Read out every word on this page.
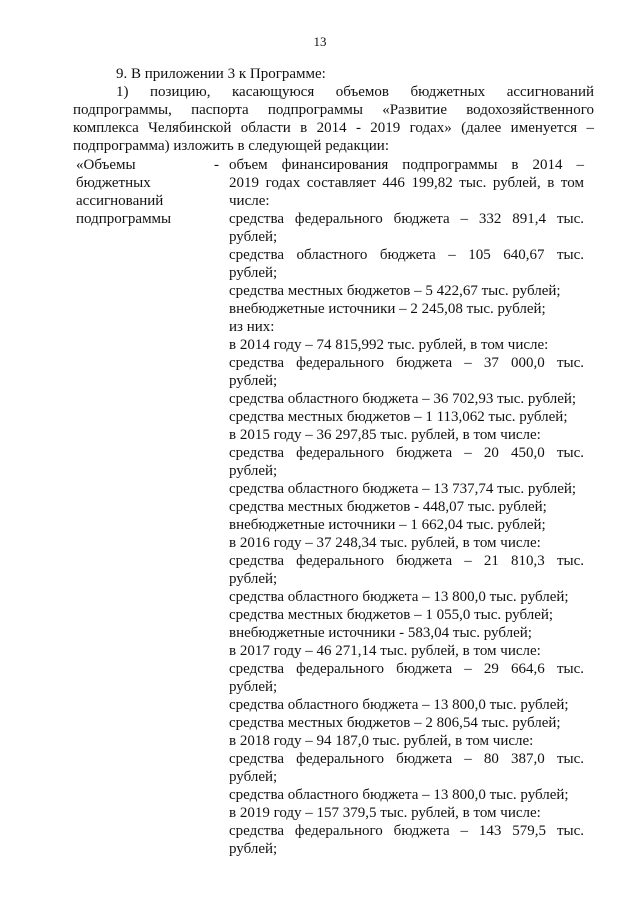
13
9. В приложении 3 к Программе:
1) позицию, касающуюся объемов бюджетных ассигнований
подпрограммы, паспорта подпрограммы «Развитие водохозяйственного
комплекса Челябинской области в 2014 - 2019 годах» (далее именуется –
подпрограмма) изложить в следующей редакции:
«Объемы
бюджетных
ассигнований
подпрограммы
- объем финансирования подпрограммы в 2014 –
2019 годах составляет 446 199,82 тыс. рублей, в том
числе:
средства федерального бюджета – 332 891,4 тыс.
рублей;
средства областного бюджета – 105 640,67 тыс.
рублей;
средства местных бюджетов – 5 422,67 тыс. рублей;
внебюджетные источники – 2 245,08 тыс. рублей;
из них:
в 2014 году – 74 815,992 тыс. рублей, в том числе:
средства федерального бюджета – 37 000,0 тыс.
рублей;
средства областного бюджета – 36 702,93 тыс. рублей;
средства местных бюджетов – 1 113,062 тыс. рублей;
в 2015 году – 36 297,85 тыс. рублей, в том числе:
средства федерального бюджета – 20 450,0 тыс.
рублей;
средства областного бюджета – 13 737,74 тыс. рублей;
средства местных бюджетов - 448,07 тыс. рублей;
внебюджетные источники – 1 662,04 тыс. рублей;
в 2016 году – 37 248,34 тыс. рублей, в том числе:
средства федерального бюджета – 21 810,3 тыс.
рублей;
средства областного бюджета – 13 800,0 тыс. рублей;
средства местных бюджетов – 1 055,0 тыс. рублей;
внебюджетные источники - 583,04 тыс. рублей;
в 2017 году – 46 271,14 тыс. рублей, в том числе:
средства федерального бюджета – 29 664,6 тыс.
рублей;
средства областного бюджета – 13 800,0 тыс. рублей;
средства местных бюджетов – 2 806,54 тыс. рублей;
в 2018 году – 94 187,0 тыс. рублей, в том числе:
средства федерального бюджета – 80 387,0 тыс.
рублей;
средства областного бюджета – 13 800,0 тыс. рублей;
в 2019 году – 157 379,5 тыс. рублей, в том числе:
средства федерального бюджета – 143 579,5 тыс.
рублей;
